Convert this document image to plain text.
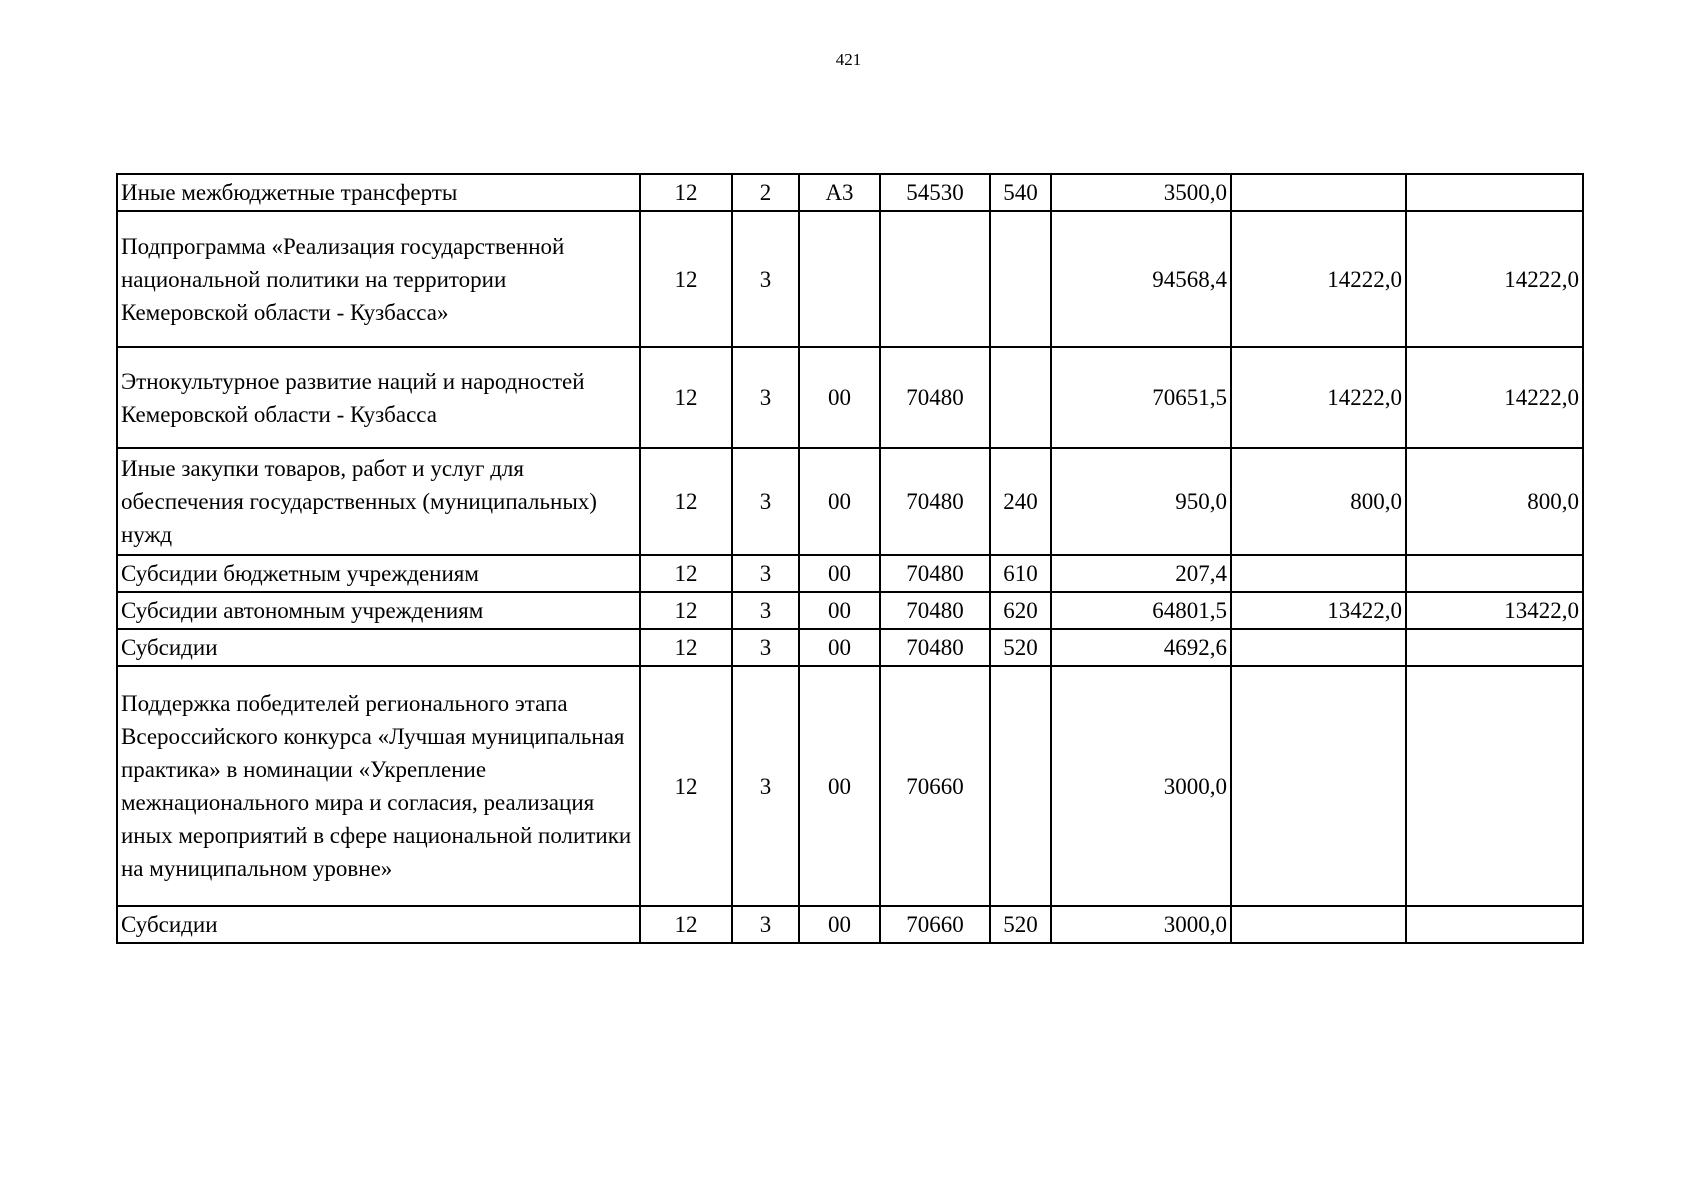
421
Иные межбюджетные трансферты	12	2	А3	54530	540	3500,0		

Подпрограмма «Реализация государственной национальной политики на территории Кемеровской области - Кузбасса»	12	3				94568,4	14222,0	14222,0

Этнокультурное развитие наций и народностей Кемеровской области - Кузбасса	12	3	00	70480		70651,5	14222,0	14222,0

Иные закупки товаров, работ и услуг для обеспечения государственных (муниципальных) нужд	12	3	00	70480	240	950,0	800,0	800,0

Субсидии бюджетным учреждениям	12	3	00	70480	610	207,4		

Субсидии автономным учреждениям	12	3	00	70480	620	64801,5	13422,0	13422,0

Субсидии	12	3	00	70480	520	4692,6		

Поддержка победителей регионального этапа Всероссийского конкурса «Лучшая муниципальная практика» в номинации «Укрепление межнационального мира и согласия, реализация иных мероприятий в сфере национальной политики на муниципальном уровне»	12	3	00	70660		3000,0		

Субсидии	12	3	00	70660	520	3000,0		
